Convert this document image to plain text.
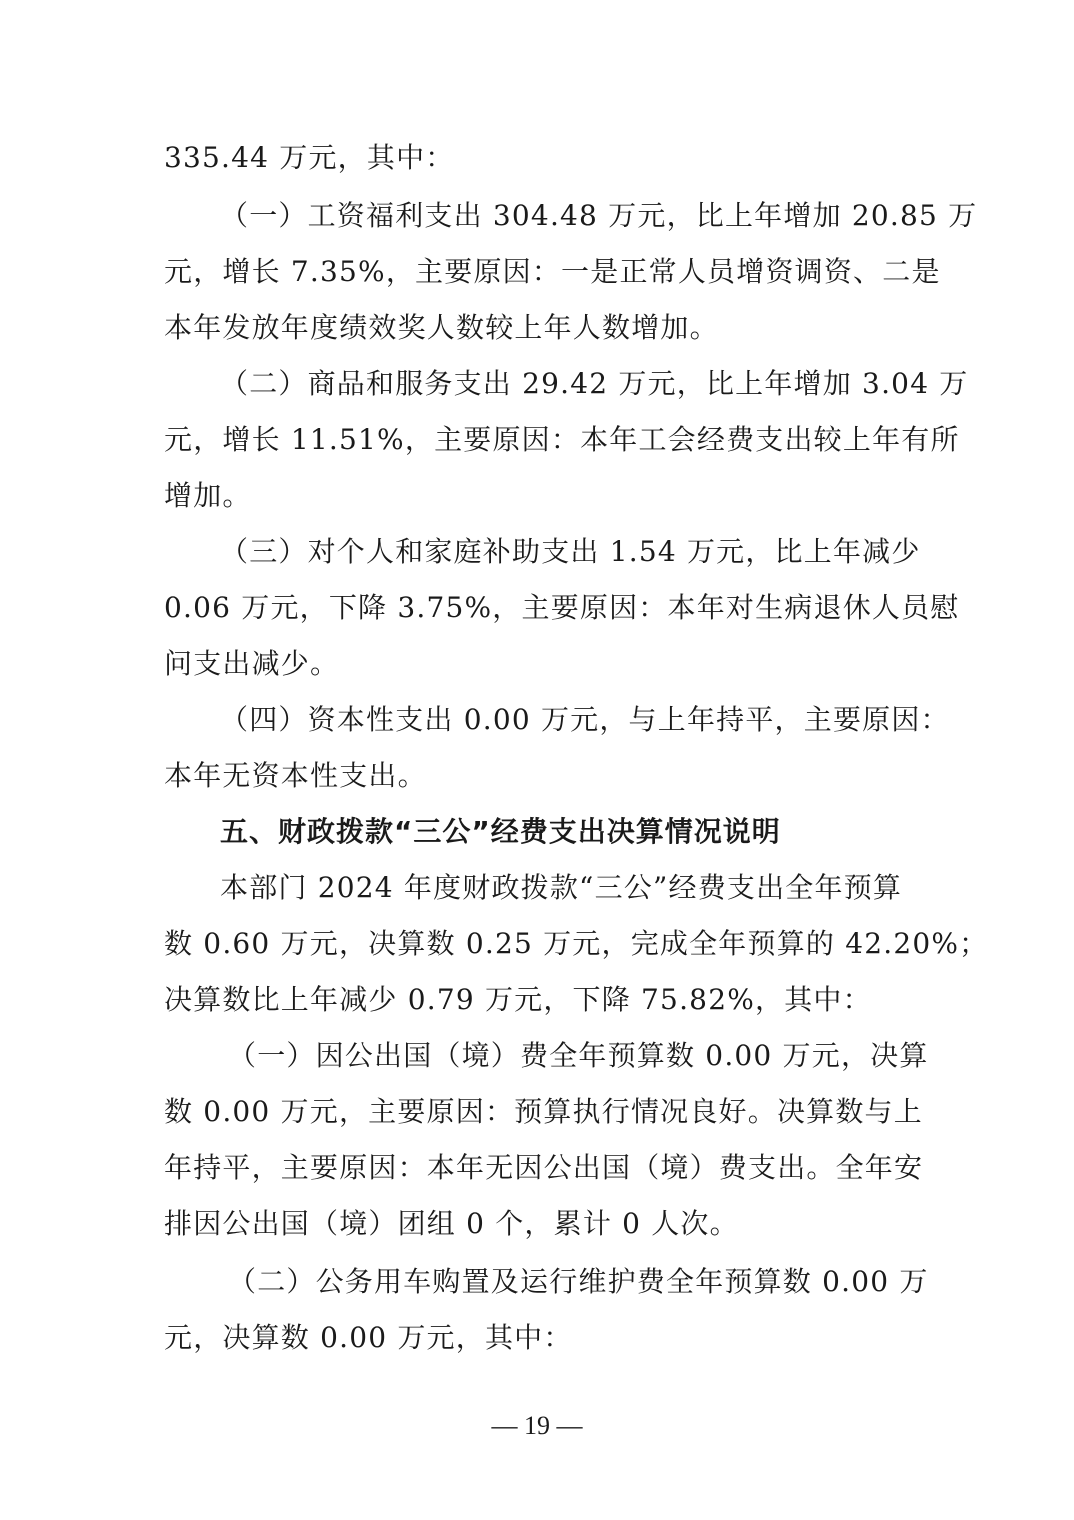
335.44 万元，其中：
（一）工资福利支出 304.48 万元，比上年增加 20.85 万
元，增长 7.35%，主要原因：一是正常人员增资调资、二是
本年发放年度绩效奖人数较上年人数增加。
（二）商品和服务支出 29.42 万元，比上年增加 3.04 万
元，增长 11.51%，主要原因：本年工会经费支出较上年有所
增加。
（三）对个人和家庭补助支出 1.54 万元，比上年减少
0.06 万元，下降 3.75%，主要原因：本年对生病退休人员慰
问支出减少。
（四）资本性支出 0.00 万元，与上年持平，主要原因：
本年无资本性支出。
五、财政拨款“三公”经费支出决算情况说明
本部门 2024 年度财政拨款“三公”经费支出全年预算
数 0.60 万元，决算数 0.25 万元，完成全年预算的 42.20%；
决算数比上年减少 0.79 万元，下降 75.82%，其中：
（一）因公出国（境）费全年预算数 0.00 万元，决算
数 0.00 万元，主要原因：预算执行情况良好。决算数与上
年持平，主要原因：本年无因公出国（境）费支出。全年安
排因公出国（境）团组 0 个，累计 0 人次。
（二）公务用车购置及运行维护费全年预算数 0.00 万
元，决算数 0.00 万元，其中：
— 19 —
